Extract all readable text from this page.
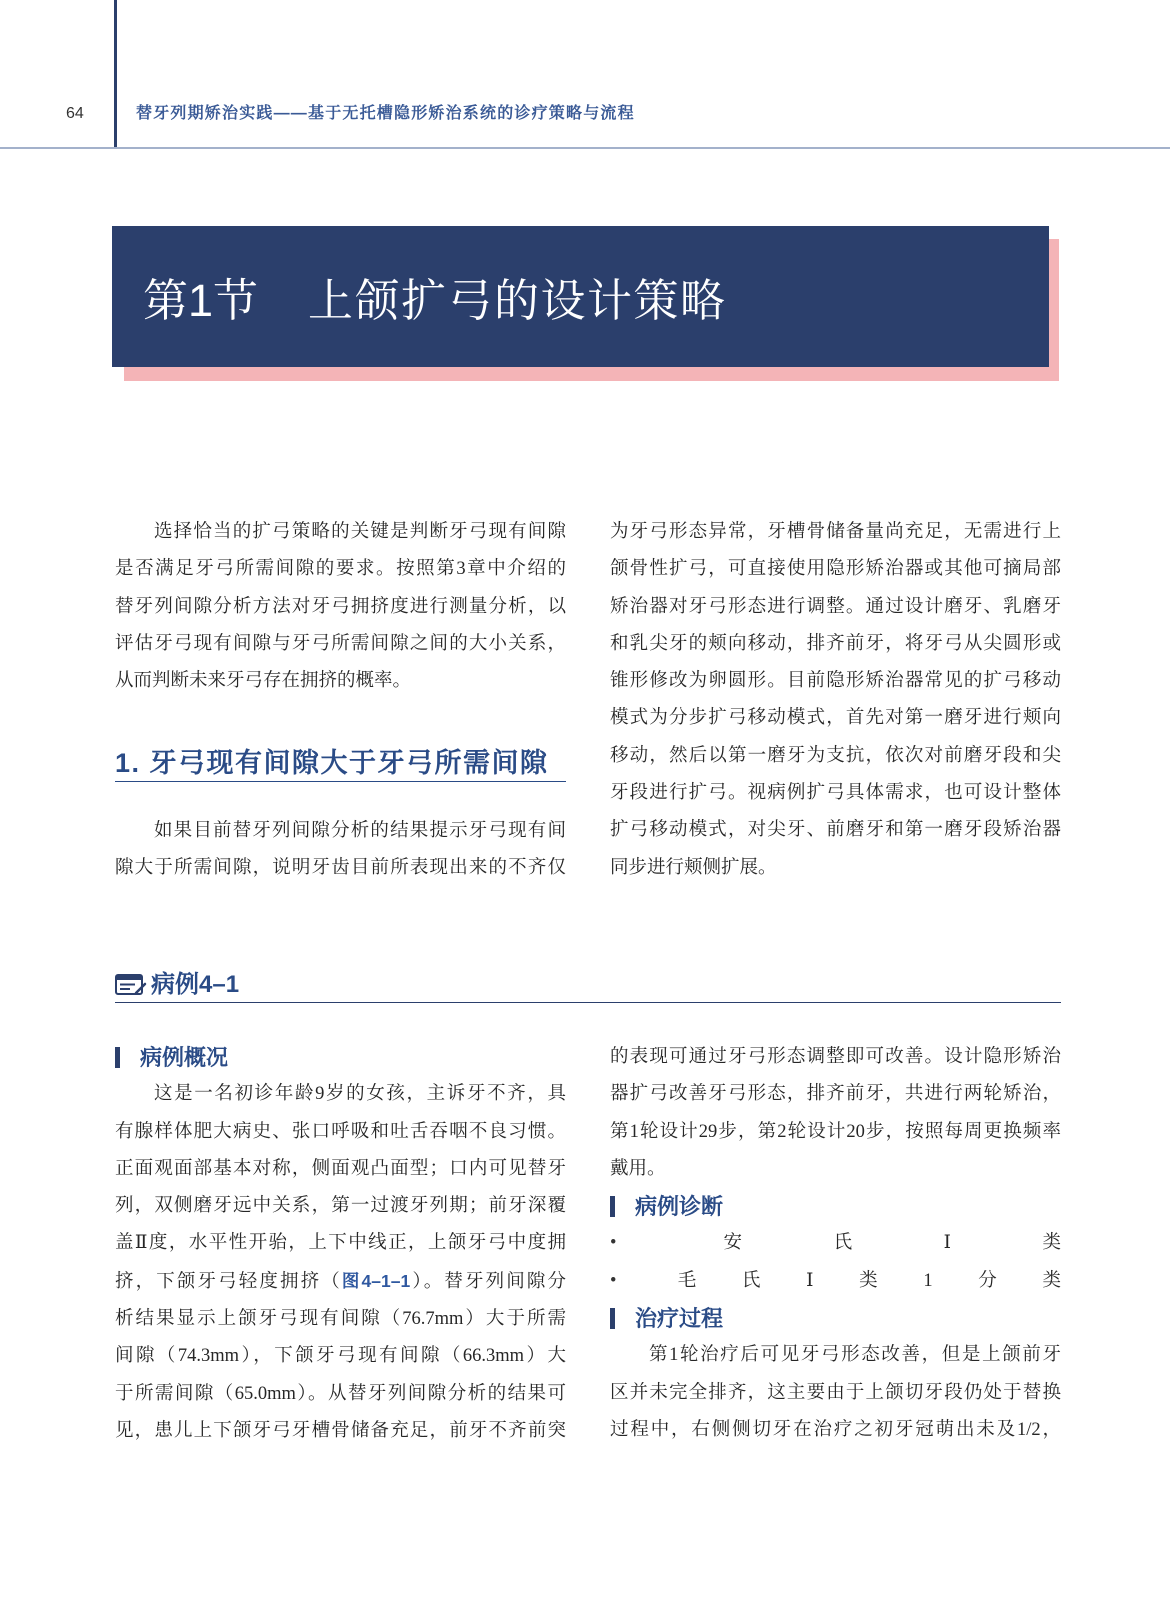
64	替牙列期矫治实践——基于无托槽隐形矫治系统的诊疗策略与流程
第1节 上颌扩弓的设计策略
选择恰当的扩弓策略的关键是判断牙弓现有间隙
是否满足牙弓所需间隙的要求。按照第3章中介绍的
替牙列间隙分析方法对牙弓拥挤度进行测量分析，以
评估牙弓现有间隙与牙弓所需间隙之间的大小关系，
从而判断未来牙弓存在拥挤的概率。
1. 牙弓现有间隙大于牙弓所需间隙
如果目前替牙列间隙分析的结果提示牙弓现有间
隙大于所需间隙，说明牙齿目前所表现出来的不齐仅
为牙弓形态异常，牙槽骨储备量尚充足，无需进行上
颌骨性扩弓，可直接使用隐形矫治器或其他可摘局部
矫治器对牙弓形态进行调整。通过设计磨牙、乳磨牙
和乳尖牙的颊向移动，排齐前牙，将牙弓从尖圆形或
锥形修改为卵圆形。目前隐形矫治器常见的扩弓移动
模式为分步扩弓移动模式，首先对第一磨牙进行颊向
移动，然后以第一磨牙为支抗，依次对前磨牙段和尖
牙段进行扩弓。视病例扩弓具体需求，也可设计整体
扩弓移动模式，对尖牙、前磨牙和第一磨牙段矫治器
同步进行颊侧扩展。
病例4–1
病例概况
这是一名初诊年龄9岁的女孩，主诉牙不齐，具
有腺样体肥大病史、张口呼吸和吐舌吞咽不良习惯。
正面观面部基本对称，侧面观凸面型；口内可见替牙
列，双侧磨牙远中关系，第一过渡牙列期；前牙深覆
盖Ⅱ度，水平性开骀，上下中线正，上颌牙弓中度拥
挤，下颌牙弓轻度拥挤（图4–1–1）。替牙列间隙分
析结果显示上颌牙弓现有间隙（76.7mm）大于所需
间隙（74.3mm），下颌牙弓现有间隙（66.3mm）大
于所需间隙（65.0mm）。从替牙列间隙分析的结果可
见，患儿上下颌牙弓牙槽骨储备充足，前牙不齐前突
的表现可通过牙弓形态调整即可改善。设计隐形矫治
器扩弓改善牙弓形态，排齐前牙，共进行两轮矫治，
第1轮设计29步，第2轮设计20步，按照每周更换频率
戴用。
病例诊断
• 安氏Ⅰ类
• 毛氏Ⅰ类1分类
治疗过程
第1轮治疗后可见牙弓形态改善，但是上颌前牙
区并未完全排齐，这主要由于上颌切牙段仍处于替换
过程中，右侧侧切牙在治疗之初牙冠萌出未及1/2，
